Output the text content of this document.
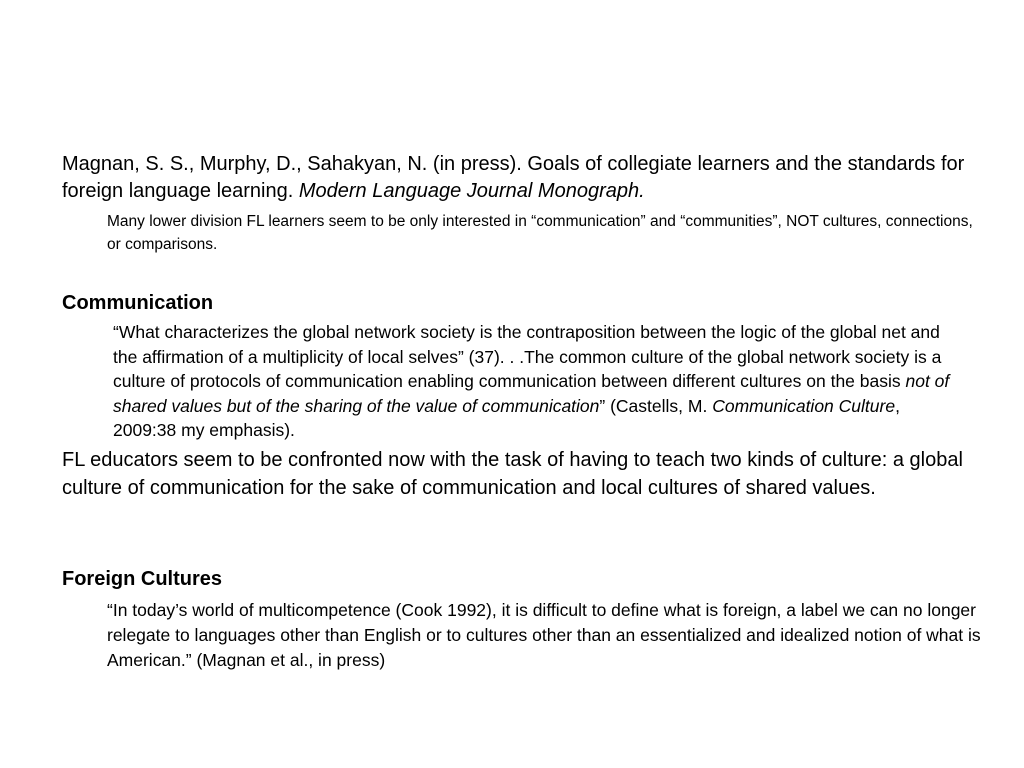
Magnan, S. S., Murphy, D., Sahakyan, N. (in press). Goals of collegiate learners and the standards for foreign language learning. Modern Language Journal Monograph.

Many lower division FL learners seem to be only interested in “communication” and “communities”, NOT cultures, connections, or comparisons.

Communication

“What characterizes the global network society is the contraposition between the logic of the global net and the affirmation of a multiplicity of local selves” (37). . .The common culture of the global network society is a culture of protocols of communication enabling communication between different cultures on the basis not of shared values but of the sharing of the value of communication” (Castells, M. Communication Culture, 2009:38 my emphasis).

FL educators seem to be confronted now with the task of having to teach two kinds of culture: a global culture of communication for the sake of communication and local cultures of shared values.

Foreign Cultures

“In today’s world of multicompetence (Cook 1992), it is difficult to define what is foreign, a label we can no longer relegate to languages other than English or to cultures other than an essentialized and idealized notion of what is American.” (Magnan et al., in press)
